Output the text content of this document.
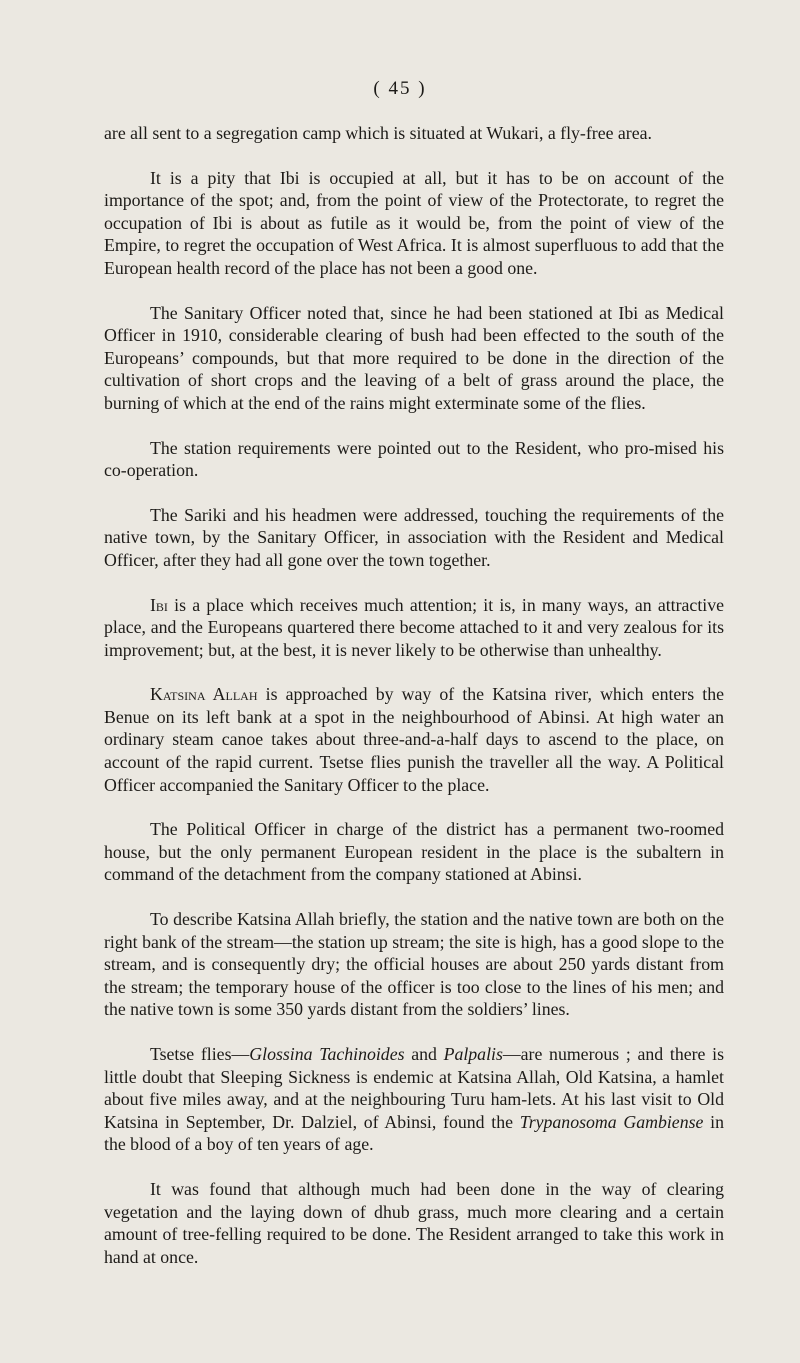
( 45 )

are all sent to a segregation camp which is situated at Wukari, a fly-free area.

It is a pity that Ibi is occupied at all, but it has to be on account of the importance of the spot; and, from the point of view of the Protectorate, to regret the occupation of Ibi is about as futile as it would be, from the point of view of the Empire, to regret the occupation of West Africa. It is almost superfluous to add that the European health record of the place has not been a good one.

The Sanitary Officer noted that, since he had been stationed at Ibi as Medical Officer in 1910, considerable clearing of bush had been effected to the south of the Europeans’ compounds, but that more required to be done in the direction of the cultivation of short crops and the leaving of a belt of grass around the place, the burning of which at the end of the rains might exterminate some of the flies.

The station requirements were pointed out to the Resident, who pro-mised his co-operation.

The Sariki and his headmen were addressed, touching the requirements of the native town, by the Sanitary Officer, in association with the Resident and Medical Officer, after they had all gone over the town together.

Ibi is a place which receives much attention; it is, in many ways, an attractive place, and the Europeans quartered there become attached to it and very zealous for its improvement; but, at the best, it is never likely to be otherwise than unhealthy.

Katsina Allah is approached by way of the Katsina river, which enters the Benue on its left bank at a spot in the neighbourhood of Abinsi. At high water an ordinary steam canoe takes about three-and-a-half days to ascend to the place, on account of the rapid current. Tsetse flies punish the traveller all the way. A Political Officer accompanied the Sanitary Officer to the place.

The Political Officer in charge of the district has a permanent two-roomed house, but the only permanent European resident in the place is the subaltern in command of the detachment from the company stationed at Abinsi.

To describe Katsina Allah briefly, the station and the native town are both on the right bank of the stream—the station up stream; the site is high, has a good slope to the stream, and is consequently dry; the official houses are about 250 yards distant from the stream; the temporary house of the officer is too close to the lines of his men; and the native town is some 350 yards distant from the soldiers’ lines.

Tsetse flies—Glossina Tachinoides and Palpalis—are numerous ; and there is little doubt that Sleeping Sickness is endemic at Katsina Allah, Old Katsina, a hamlet about five miles away, and at the neighbouring Turu ham-lets. At his last visit to Old Katsina in September, Dr. Dalziel, of Abinsi, found the Trypanosoma Gambiense in the blood of a boy of ten years of age.

It was found that although much had been done in the way of clearing vegetation and the laying down of dhub grass, much more clearing and a certain amount of tree-felling required to be done. The Resident arranged to take this work in hand at once.
